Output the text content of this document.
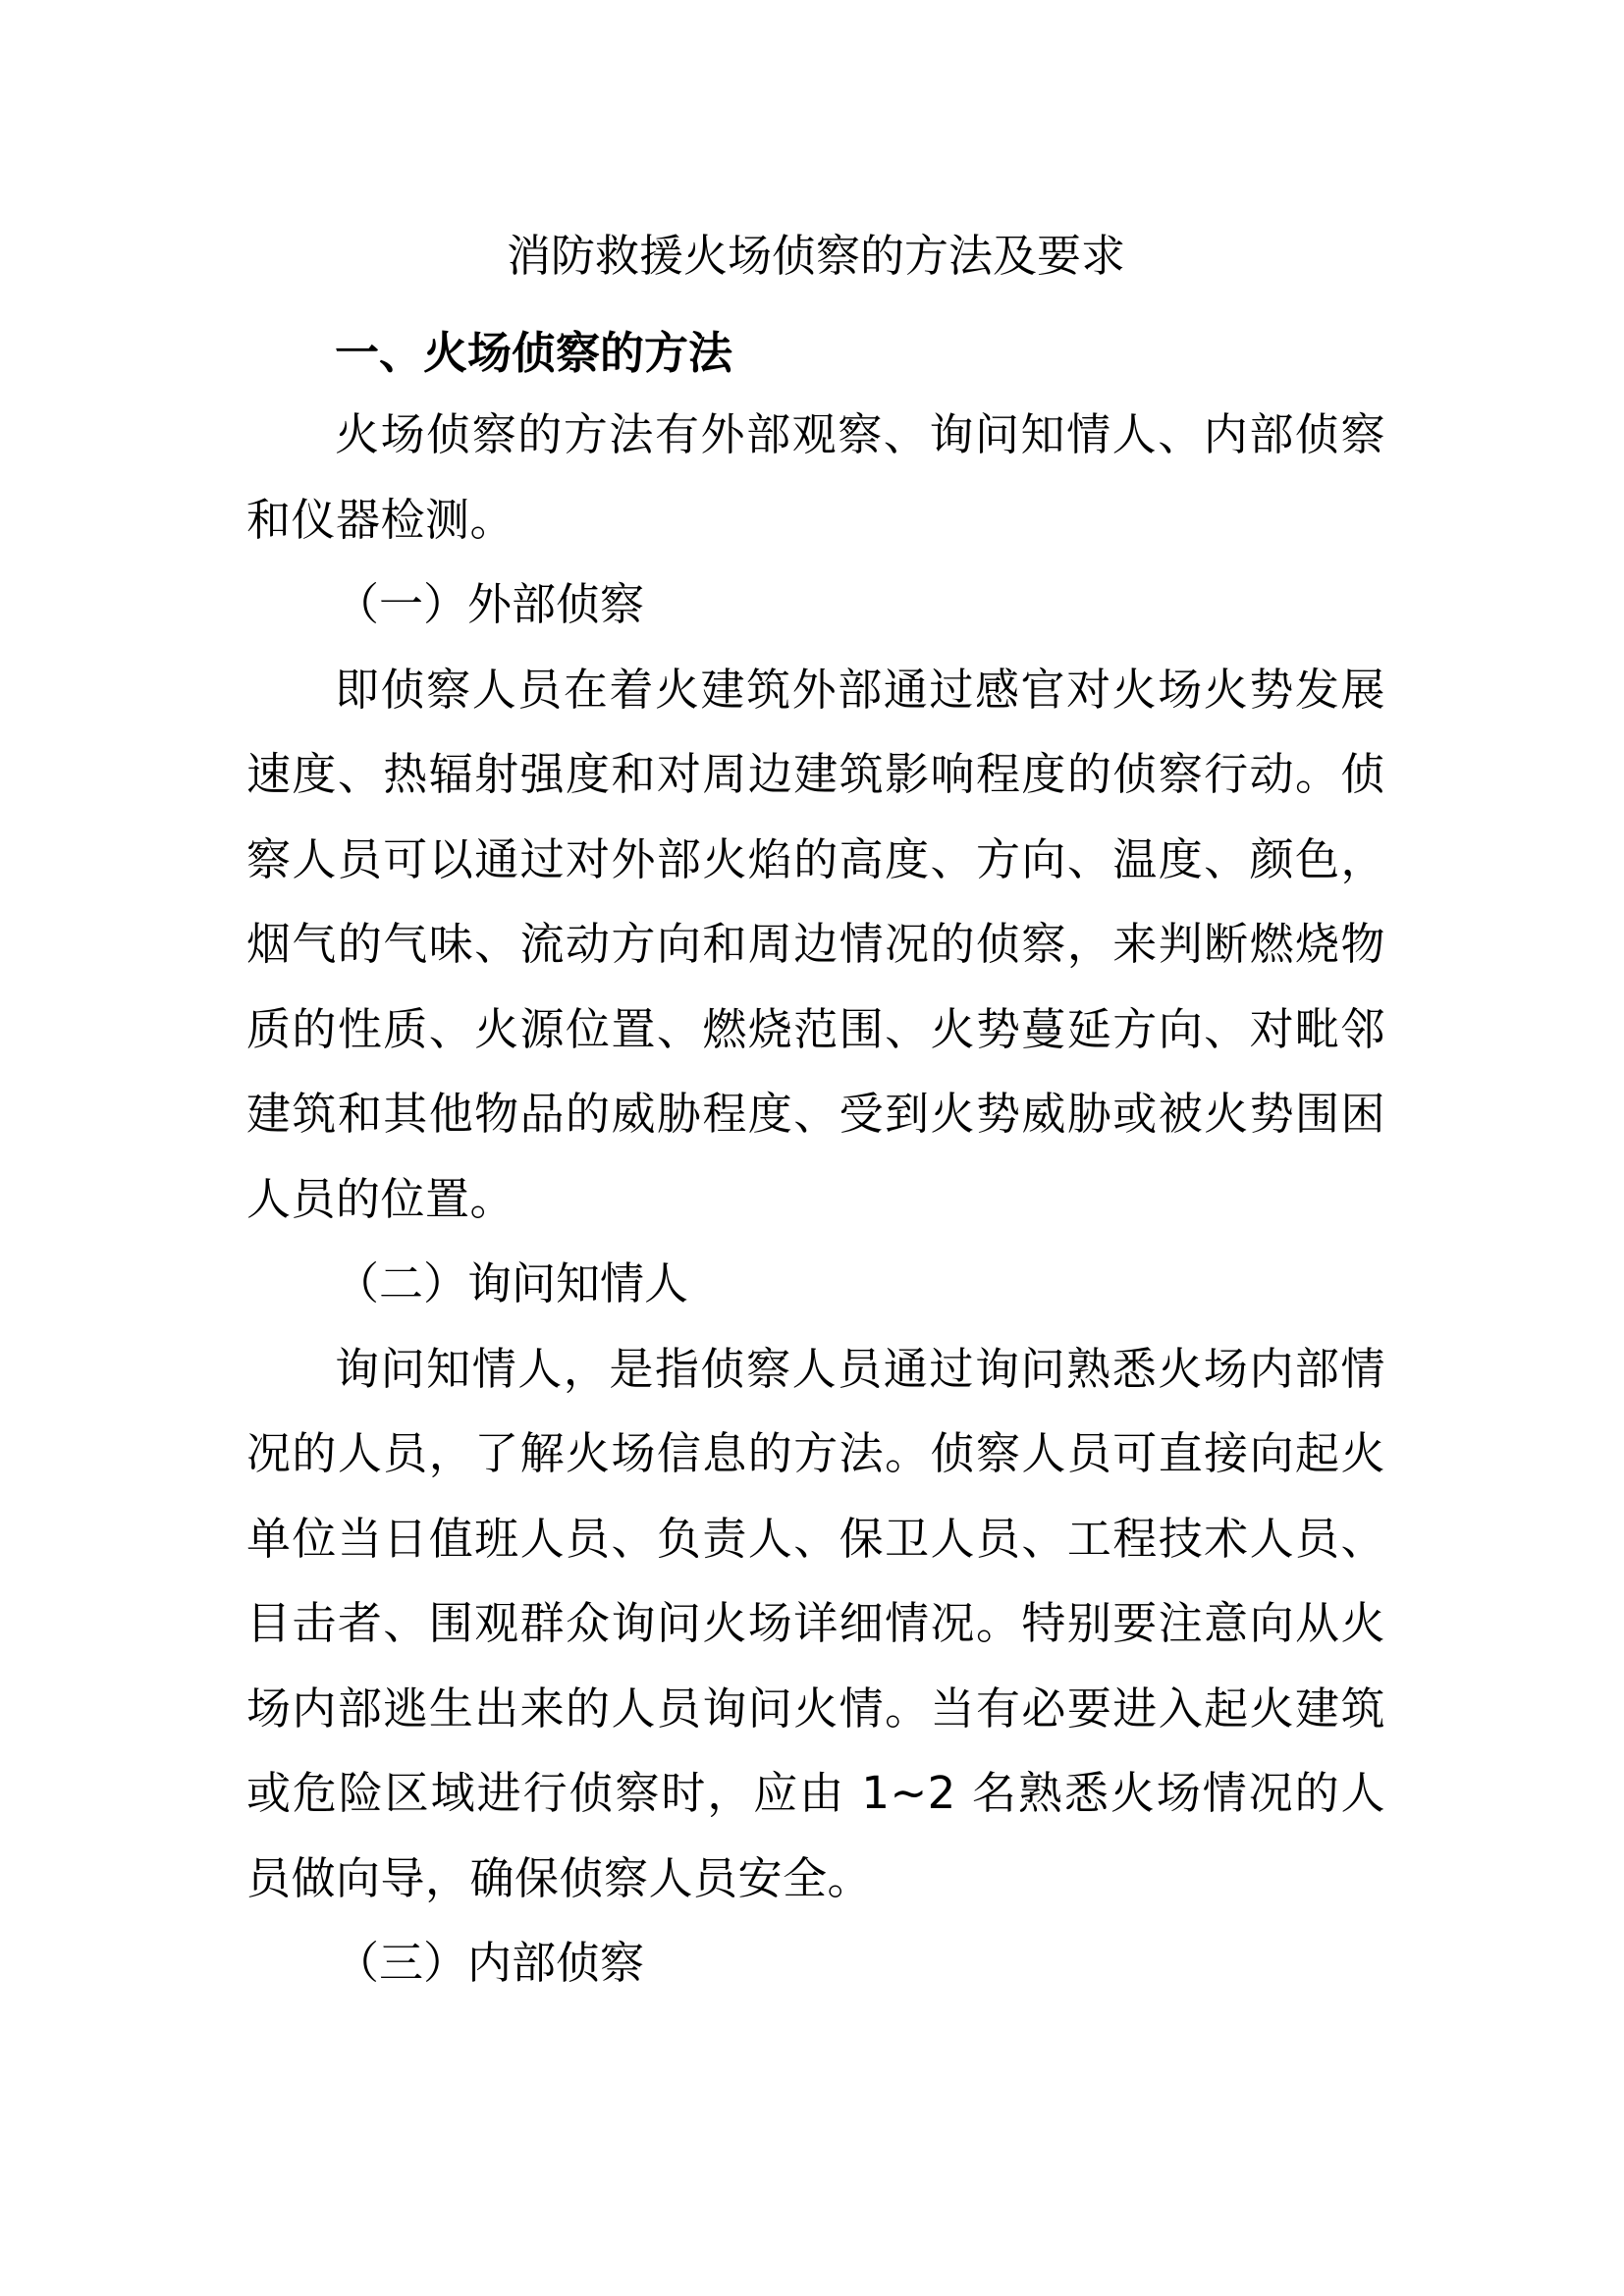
消防救援火场侦察的方法及要求
一、火场侦察的方法

火场侦察的方法有外部观察、询问知情人、内部侦察和仪器检测。

（一）外部侦察

即侦察人员在着火建筑外部通过感官对火场火势发展速度、热辐射强度和对周边建筑影响程度的侦察行动。侦察人员可以通过对外部火焰的高度、方向、温度、颜色，烟气的气味、流动方向和周边情况的侦察，来判断燃烧物质的性质、火源位置、燃烧范围、火势蔓延方向、对毗邻建筑和其他物品的威胁程度、受到火势威胁或被火势围困人员的位置。

（二）询问知情人

询问知情人，是指侦察人员通过询问熟悉火场内部情况的人员，了解火场信息的方法。侦察人员可直接向起火单位当日值班人员、负责人、保卫人员、工程技术人员、目击者、围观群众询问火场详细情况。特别要注意向从火场内部逃生出来的人员询问火情。当有必要进入起火建筑或危险区域进行侦察时，应由 1~2 名熟悉火场情况的人员做向导，确保侦察人员安全。

（三）内部侦察
